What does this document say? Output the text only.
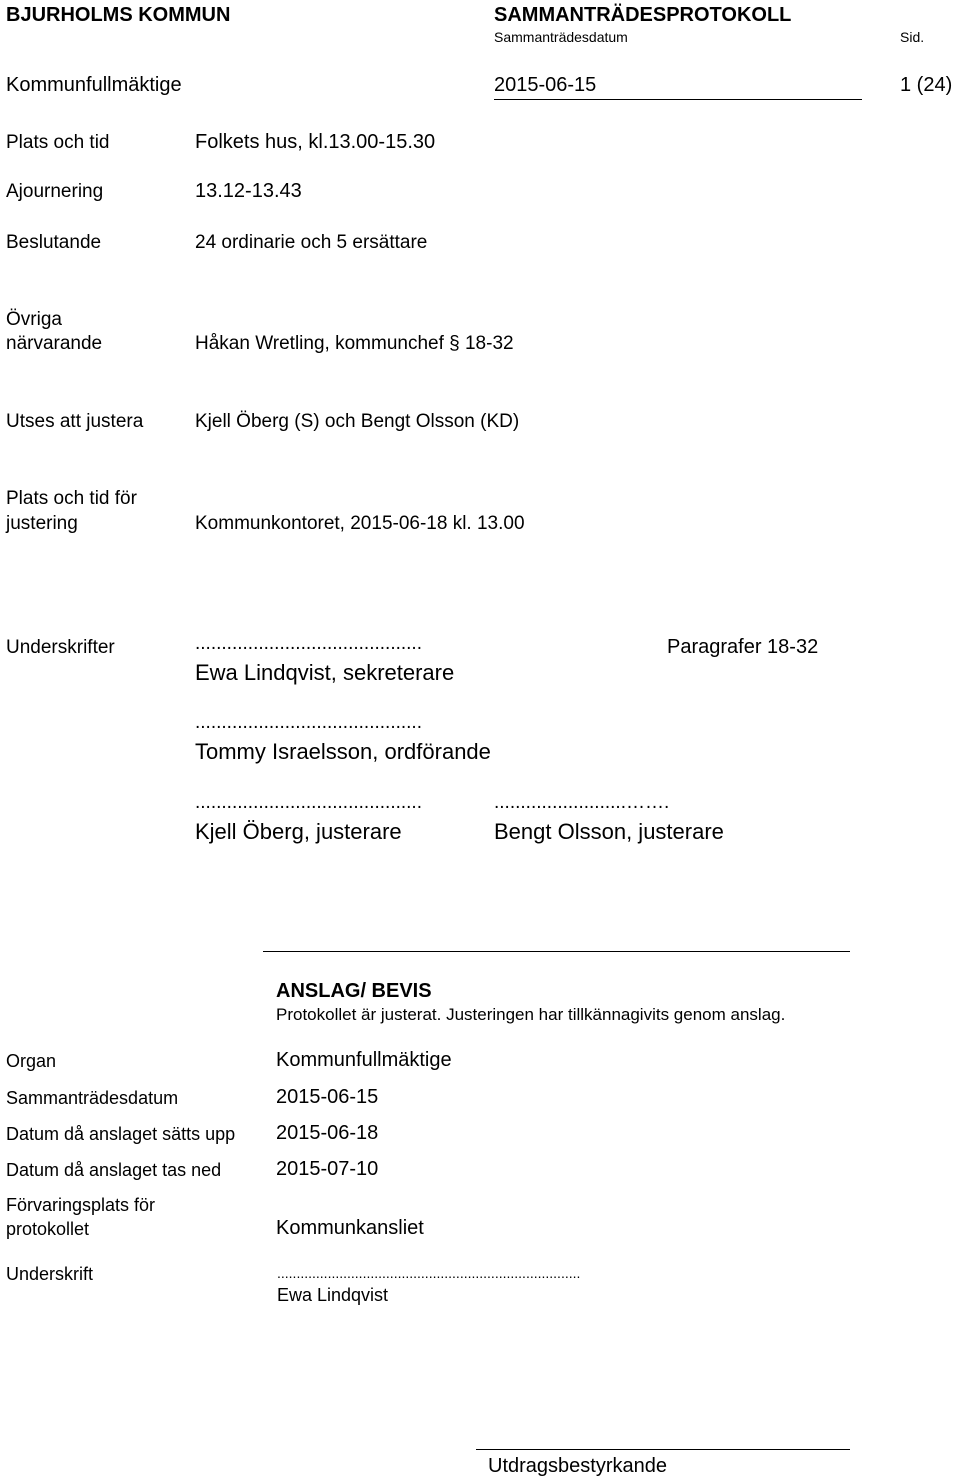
BJURHOLMS KOMMUN	SAMMANTRÄDESPROTOKOLL
Sammanträdesdatum	Sid.
Kommunfullmäktige	2015-06-15	1 (24)
Plats och tid	Folkets hus, kl.13.00-15.30
Ajournering	13.12-13.43
Beslutande	24 ordinarie och 5 ersättare
Övriga
närvarande	Håkan Wretling, kommunchef § 18-32
Utses att justera	Kjell Öberg (S) och Bengt Olsson (KD)
Plats och tid för
justering	Kommunkontoret, 2015-06-18 kl. 13.00
Underskrifter	...........................................	Paragrafer 18-32
Ewa Lindqvist, sekreterare
...........................................
Tommy Israelsson, ordförande
...........................................	.........................…….
Kjell Öberg, justerare	Bengt Olsson, justerare
ANSLAG/ BEVIS
Protokollet är justerat. Justeringen har tillkännagivits genom anslag.
Organ	Kommunfullmäktige
Sammanträdesdatum	2015-06-15
Datum då anslaget sätts upp 2015-06-18
Datum då anslaget tas ned	2015-07-10
Förvaringsplats för
protokollet	Kommunkansliet
Underskrift	..............................................................................
Ewa Lindqvist
Utdragsbestyrkande
